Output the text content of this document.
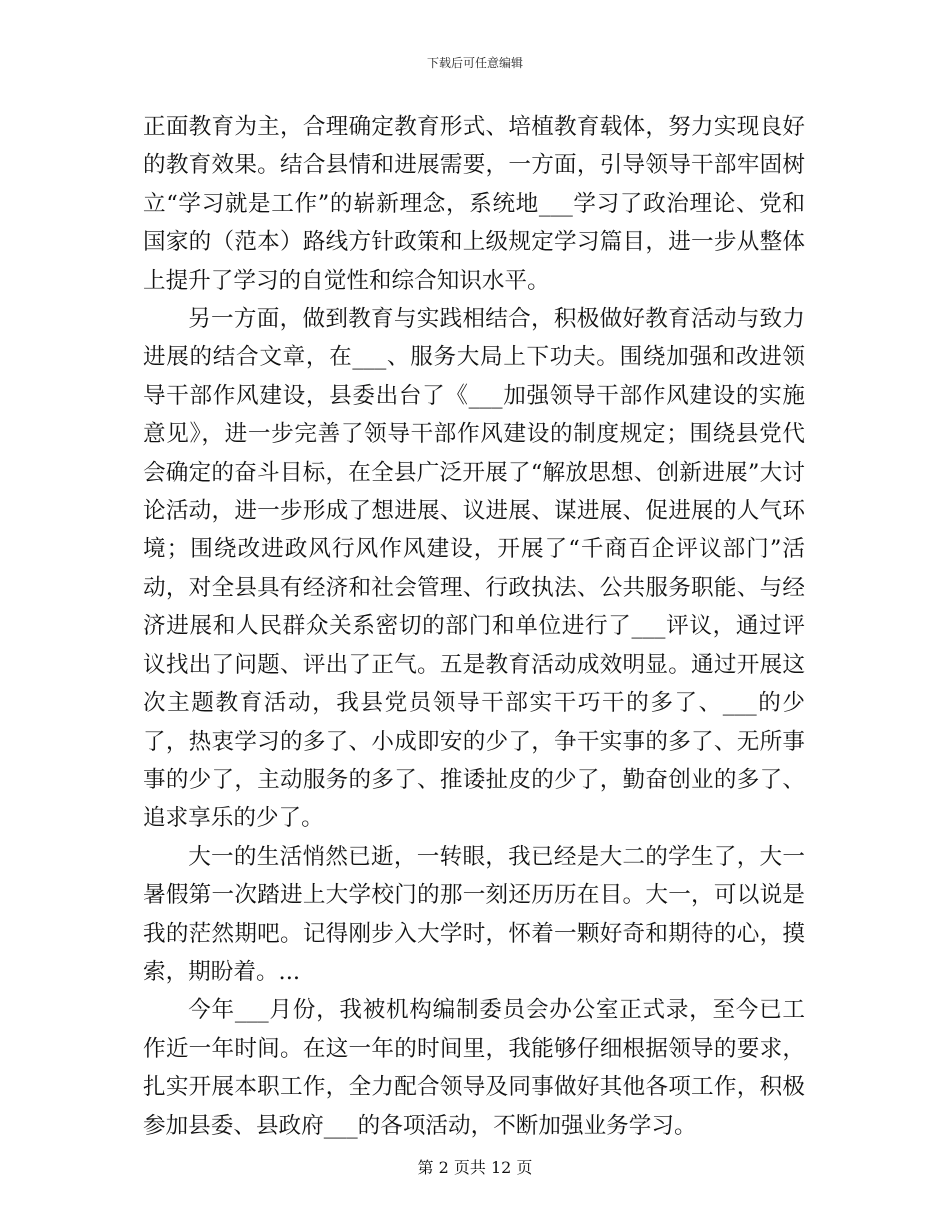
下载后可任意编辑

正面教育为主，合理确定教育形式、培植教育载体，努力实现良好的教育效果。结合县情和进展需要，一方面，引导领导干部牢固树立“学习就是工作”的崭新理念，系统地___学习了政治理论、党和国家的（范本）路线方针政策和上级规定学习篇目，进一步从整体上提升了学习的自觉性和综合知识水平。

另一方面，做到教育与实践相结合，积极做好教育活动与致力进展的结合文章，在___、服务大局上下功夫。围绕加强和改进领导干部作风建设，县委出台了《___加强领导干部作风建设的实施意见》，进一步完善了领导干部作风建设的制度规定；围绕县党代会确定的奋斗目标，在全县广泛开展了“解放思想、创新进展”大讨论活动，进一步形成了想进展、议进展、谋进展、促进展的人气环境；围绕改进政风行风作风建设，开展了“千商百企评议部门”活动，对全县具有经济和社会管理、行政执法、公共服务职能、与经济进展和人民群众关系密切的部门和单位进行了___评议，通过评议找出了问题、评出了正气。五是教育活动成效明显。通过开展这次主题教育活动，我县党员领导干部实干巧干的多了、___的少了，热衷学习的多了、小成即安的少了，争干实事的多了、无所事事的少了，主动服务的多了、推诿扯皮的少了，勤奋创业的多了、追求享乐的少了。

大一的生活悄然已逝，一转眼，我已经是大二的学生了，大一暑假第一次踏进上大学校门的那一刻还历历在目。大一，可以说是我的茫然期吧。记得刚步入大学时，怀着一颗好奇和期待的心，摸索，期盼着。...

今年___月份，我被机构编制委员会办公室正式录，至今已工作近一年时间。在这一年的时间里，我能够仔细根据领导的要求，扎实开展本职工作，全力配合领导及同事做好其他各项工作，积极参加县委、县政府___的各项活动，不断加强业务学习。

第 2 页共 12 页
